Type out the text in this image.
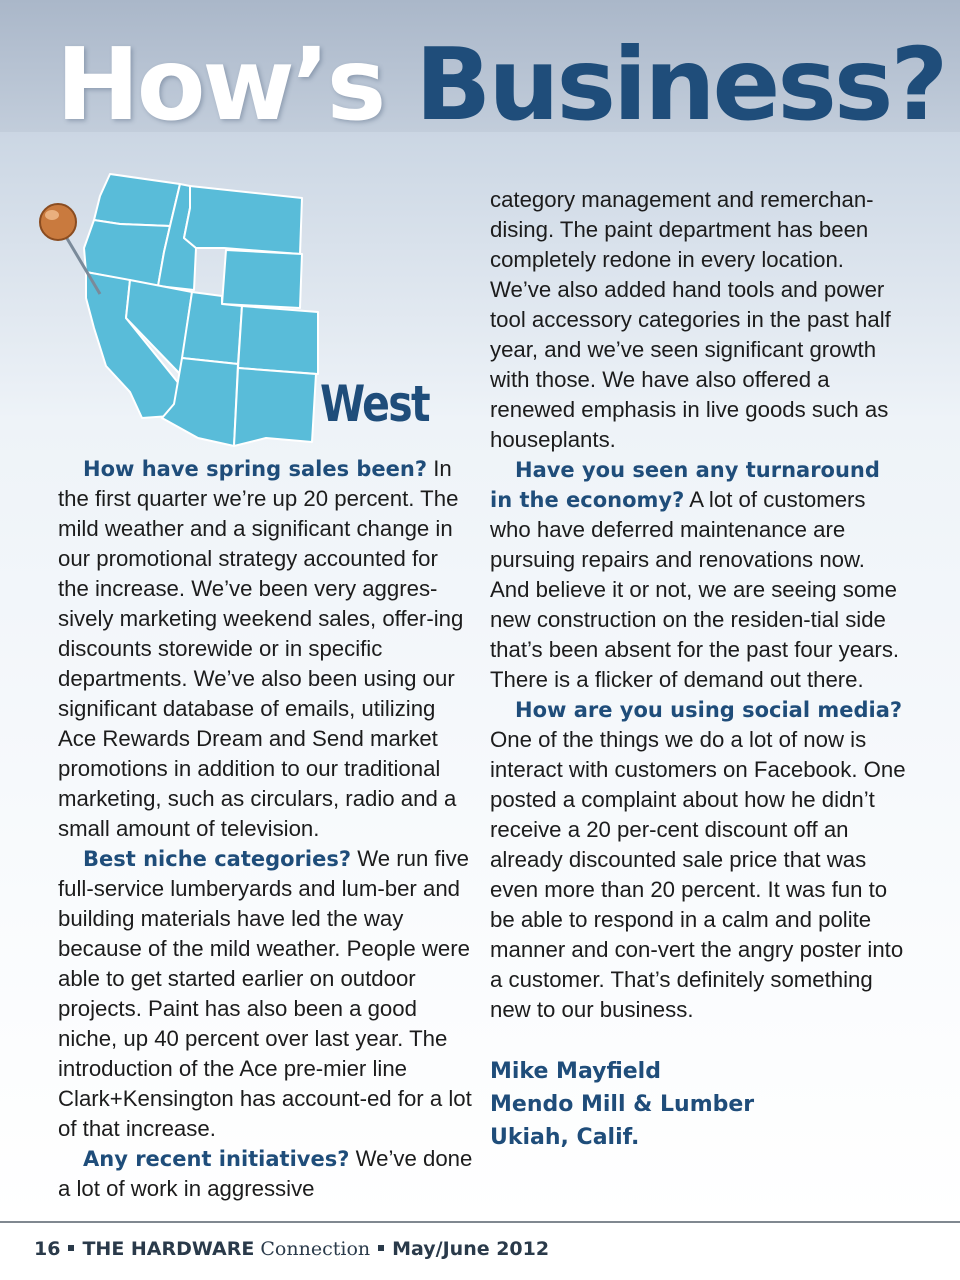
How’s Business?
West

How have spring sales been? In the first quarter we’re up 20 percent. The mild weather and a significant change in our promotional strategy accounted for the increase. We’ve been very aggres-sively marketing weekend sales, offer-ing discounts storewide or in specific departments. We’ve also been using our significant database of emails, utilizing Ace Rewards Dream and Send market promotions in addition to our traditional marketing, such as circulars, radio and a small amount of television.

Best niche categories? We run five full-service lumberyards and lum-ber and building materials have led the way because of the mild weather. People were able to get started earlier on outdoor projects. Paint has also been a good niche, up 40 percent over last year. The introduction of the Ace pre-mier line Clark+Kensington has account-ed for a lot of that increase.

Any recent initiatives? We’ve done a lot of work in aggressive

category management and remerchan-dising. The paint department has been completely redone in every location. We’ve also added hand tools and power tool accessory categories in the past half year, and we’ve seen significant growth with those. We have also offered a renewed emphasis in live goods such as houseplants.

Have you seen any turnaround in the economy? A lot of customers who have deferred maintenance are pursuing repairs and renovations now. And believe it or not, we are seeing some new construction on the residen-tial side that’s been absent for the past four years. There is a flicker of demand out there.

How are you using social media? One of the things we do a lot of now is interact with customers on Facebook. One posted a complaint about how he didn’t receive a 20 per-cent discount off an already discounted sale price that was even more than 20 percent. It was fun to be able to respond in a calm and polite manner and con-vert the angry poster into a customer. That’s definitely something new to our business.

Mike Mayfield
Mendo Mill & Lumber
Ukiah, Calif.
16 THE HARDWARE Connection May/June 2012
